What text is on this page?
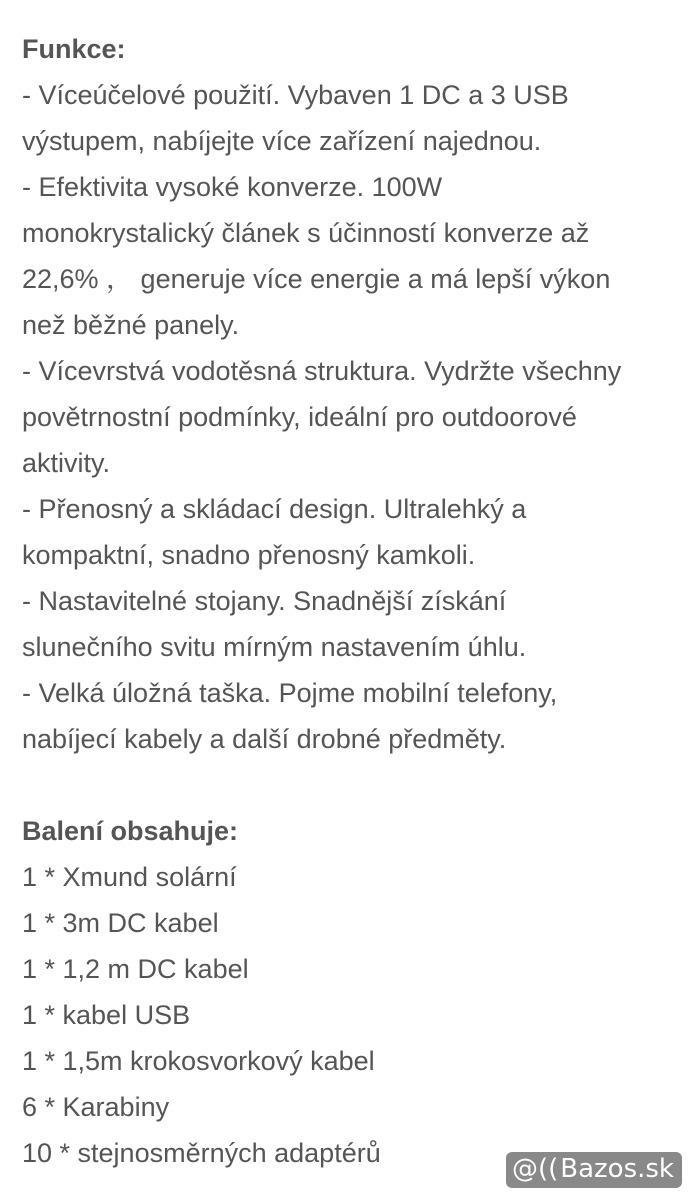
Funkce:
- Víceúčelové použití. Vybaven 1 DC a 3 USB
výstupem, nabíjejte více zařízení najednou.
- Efektivita vysoké konverze. 100W
monokrystalický článek s účinností konverze až
22,6% ， generuje více energie a má lepší výkon
než běžné panely.
- Vícevrstvá vodotěsná struktura. Vydržte všechny
povětrnostní podmínky, ideální pro outdoorové
aktivity.
- Přenosný a skládací design. Ultralehký a
kompaktní, snadno přenosný kamkoli.
- Nastavitelné stojany. Snadnější získání
slunečního svitu mírným nastavením úhlu.
- Velká úložná taška. Pojme mobilní telefony,
nabíjecí kabely a další drobné předměty.
Balení obsahuje:
1 * Xmund solární
1 * 3m DC kabel
1 * 1,2 m DC kabel
1 * kabel USB
1 * 1,5m krokosvorkový kabel
6 * Karabiny
10 * stejnosměrných adaptérů
@((Bazos.sk
